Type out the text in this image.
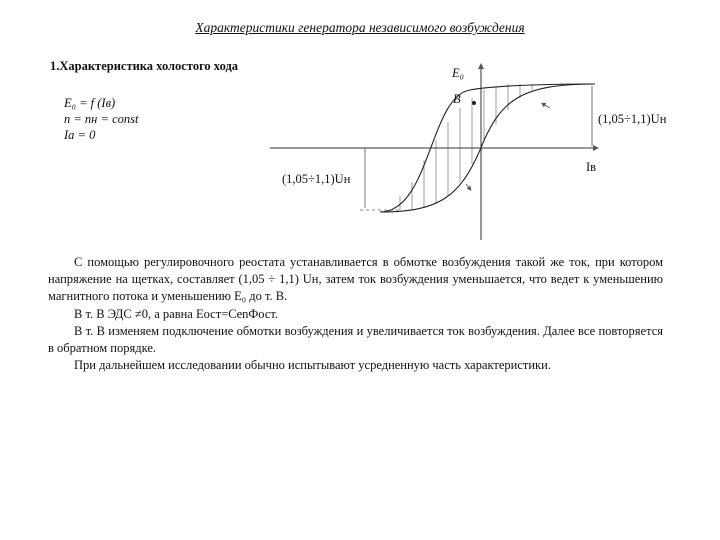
Характеристики генератора независимого возбуждения
1.Характеристика холостого хода
E₀ = f (Iв)
n = nн = const
Iа = 0
E₀
B
Iв
(1,05÷1,1)Uн
(1,05÷1,1)Uн
С помощью регулировочного реостата устанавливается в обмотке возбуждения такой же ток, при котором напряжение на щетках, составляет (1,05 ÷ 1,1) Uн, затем ток возбуждения уменьшается, что ведет к уменьшению магнитного потока и уменьшению E₀ до т. B.
В т. B ЭДС ≠0, а равна Eост=CеnФост.
В т. B изменяем подключение обмотки возбуждения и увеличивается ток возбуждения. Далее все повторяется в обратном порядке.
При дальнейшем исследовании обычно испытывают усредненную часть характеристики.
